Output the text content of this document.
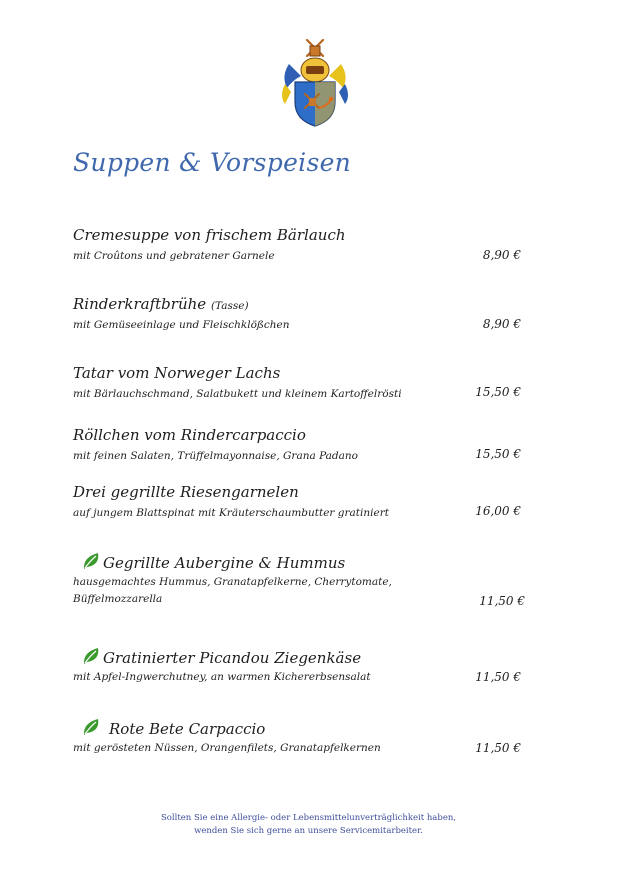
Suppen & Vorspeisen
Cremesuppe von frischem Bärlauch
mit Croûtons und gebratener Garnele	8,90 €
Rinderkraftbrühe (Tasse)
mit Gemüseeinlage und Fleischklößchen	8,90 €
Tatar vom Norweger Lachs
mit Bärlauchschmand, Salatbukett und kleinem Kartoffelrösti	15,50 €
Röllchen vom Rindercarpaccio
mit feinen Salaten, Trüffelmayonnaise, Grana Padano	15,50 €
Drei gegrillte Riesengarnelen
auf jungem Blattspinat mit Kräuterschaumbutter gratiniert	16,00 €
Gegrillte Aubergine & Hummus
hausgemachtes Hummus, Granatapfelkerne, Cherrytomate,
Büffelmozzarella	11,50 €
Gratinierter Picandou Ziegenkäse
mit Apfel-Ingwerchutney, an warmen Kichererbsensalat	11,50 €
Rote Bete Carpaccio
mit gerösteten Nüssen, Orangenfilets, Granatapfelkernen	11,50 €
Sollten Sie eine Allergie- oder Lebensmittelunverträglichkeit haben,
wenden Sie sich gerne an unsere Servicemitarbeiter.
